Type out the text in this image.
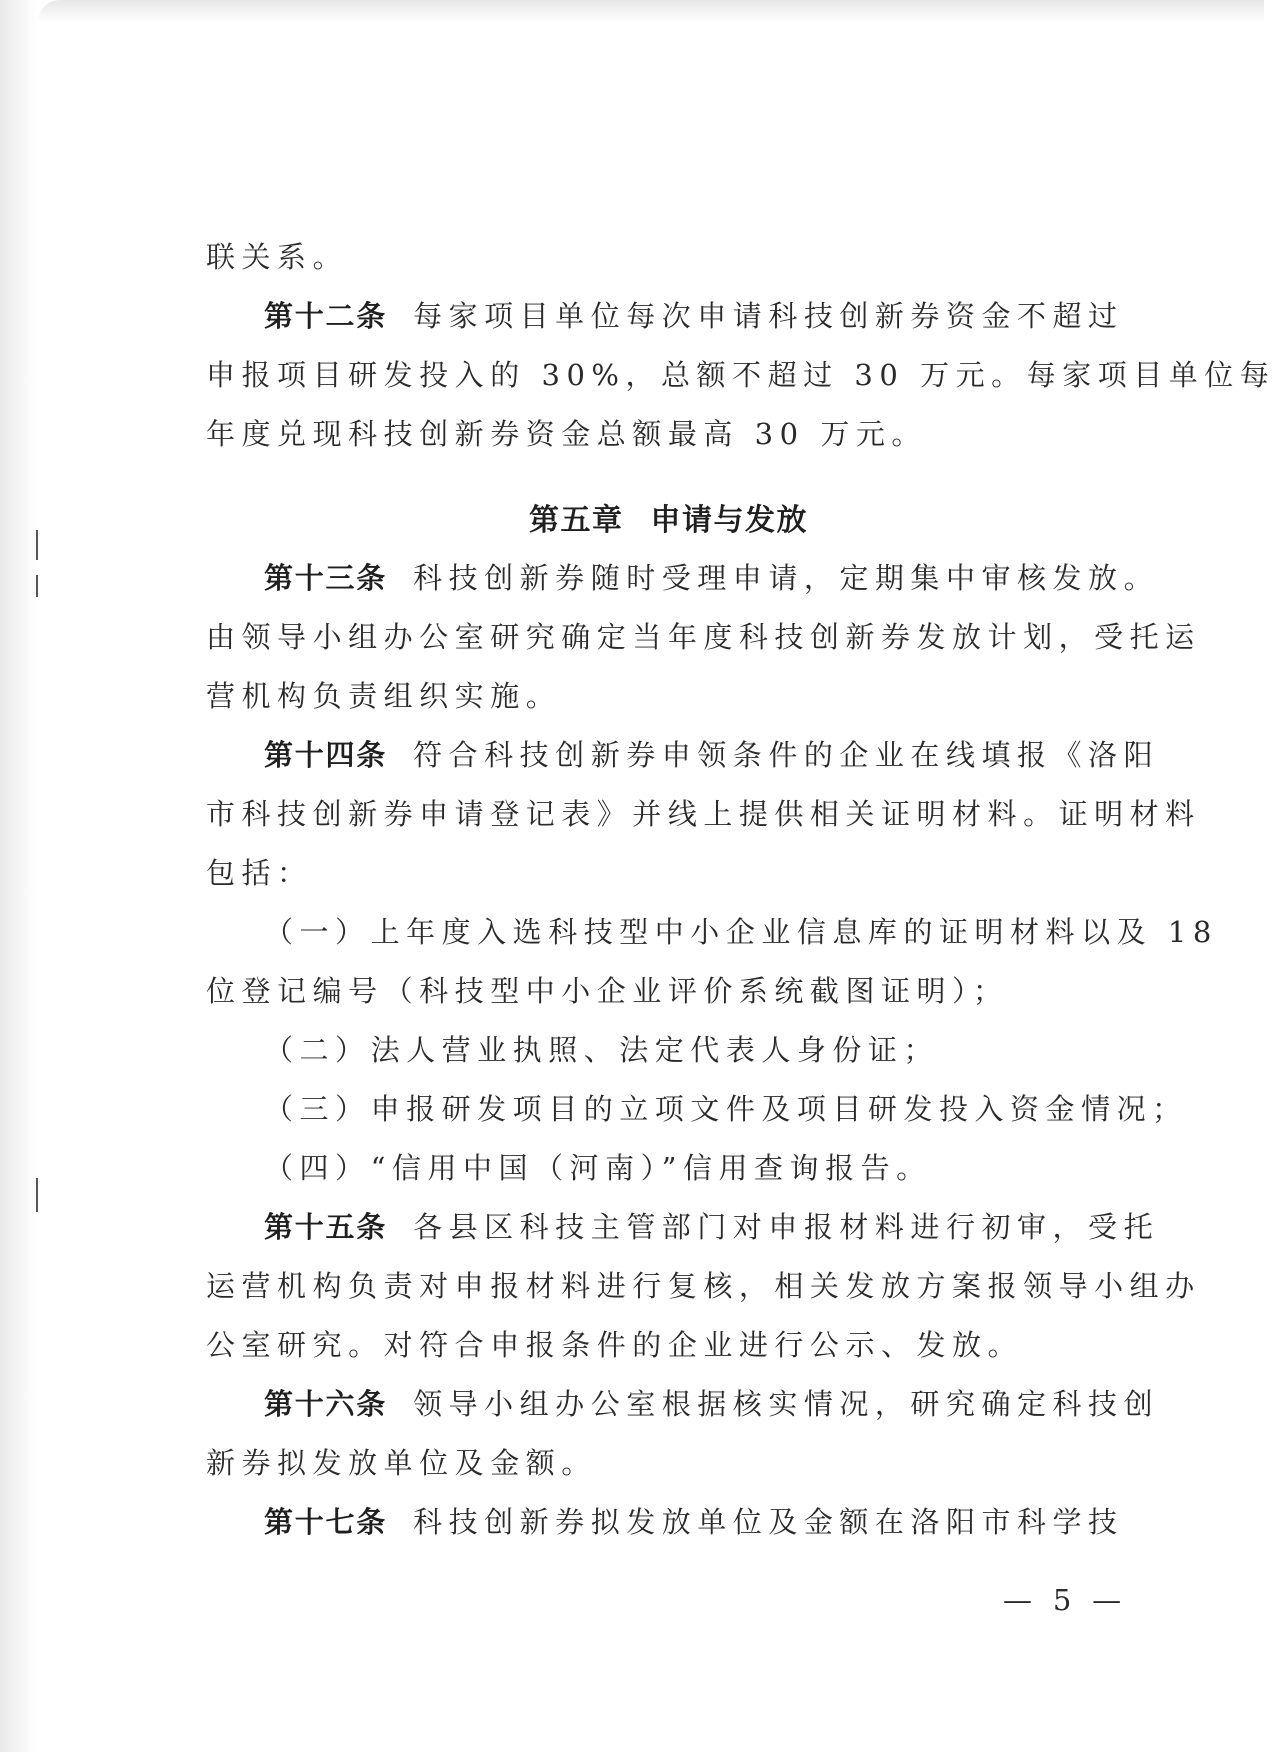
联关系。

第十二条 每家项目单位每次申请科技创新券资金不超过
申报项目研发投入的 30%，总额不超过 30 万元。每家项目单位每
年度兑现科技创新券资金总额最高 30 万元。

第五章 申请与发放

第十三条 科技创新券随时受理申请，定期集中审核发放。
由领导小组办公室研究确定当年度科技创新券发放计划，受托运
营机构负责组织实施。

第十四条 符合科技创新券申领条件的企业在线填报《洛阳
市科技创新券申请登记表》并线上提供相关证明材料。证明材料
包括：

（一）上年度入选科技型中小企业信息库的证明材料以及 18
位登记编号（科技型中小企业评价系统截图证明）；

（二）法人营业执照、法定代表人身份证；

（三）申报研发项目的立项文件及项目研发投入资金情况；

（四）“信用中国（河南）”信用查询报告。

第十五条 各县区科技主管部门对申报材料进行初审，受托
运营机构负责对申报材料进行复核，相关发放方案报领导小组办
公室研究。对符合申报条件的企业进行公示、发放。

第十六条 领导小组办公室根据核实情况，研究确定科技创
新券拟发放单位及金额。

第十七条 科技创新券拟发放单位及金额在洛阳市科学技

— 5 —
